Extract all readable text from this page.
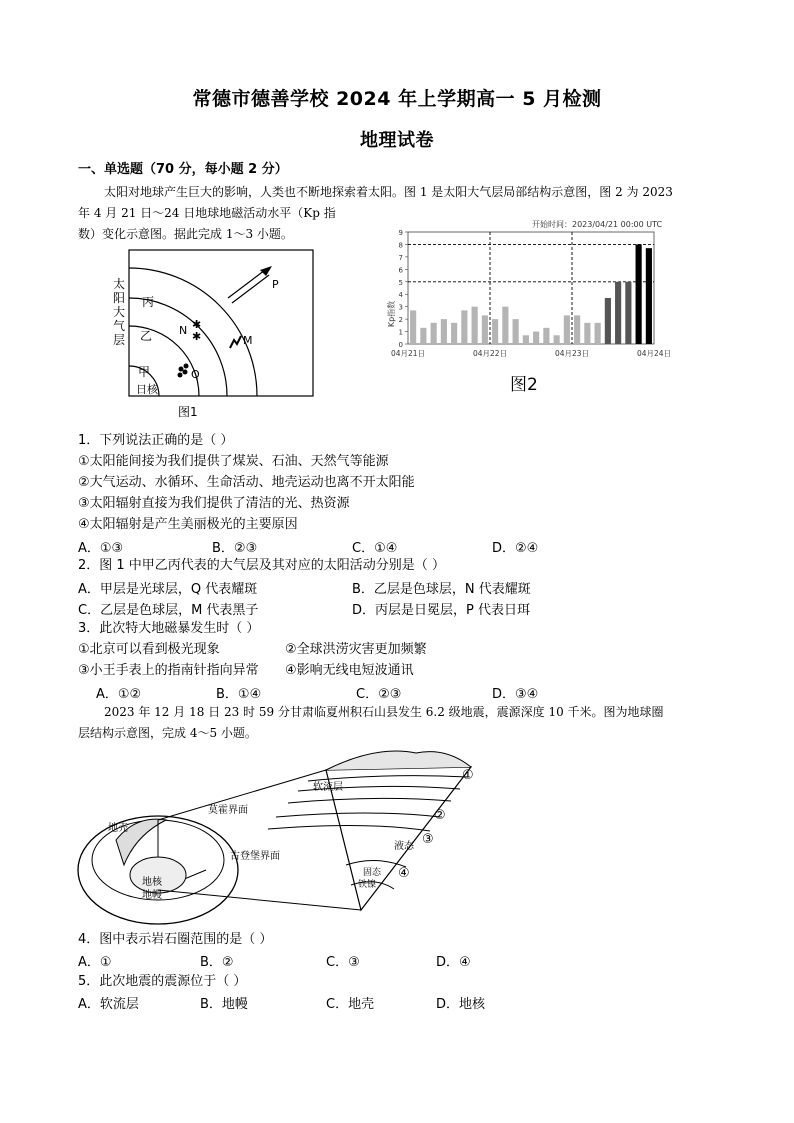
常德市德善学校 2024 年上学期高一 5 月检测
地理试卷
一、单选题（70 分，每小题 2 分）
太阳对地球产生巨大的影响，人类也不断地探索着太阳。图 1 是太阳大气层局部结构示意图，图 2 为 2023
年 4 月 21 日～24 日地球地磁活动水平（Kp 指
数）变化示意图。据此完成 1～3 小题。
✱
✱
丙
乙
甲
日核
P
N
M
Q
太
阳
大
气
层
图1
开始时间：2023/04/21 00:00 UTC
Kp指数
0
1
2
3
4
5
6
7
8
9
04月21日	04月22日	04月23日	04月24日
图2
1．下列说法正确的是（ ）
①太阳能间接为我们提供了煤炭、石油、天然气等能源
②大气运动、水循环、生命活动、地壳运动也离不开太阳能
③太阳辐射直接为我们提供了清洁的光、热资源
④太阳辐射是产生美丽极光的主要原因
A．①③	B．②③	C．①④	D．②④
2．图 1 中甲乙丙代表的大气层及其对应的太阳活动分别是（ ）
A．甲层是光球层，Q 代表耀斑	B．乙层是色球层，N 代表耀斑
C．乙层是色球层，M 代表黑子	D．丙层是日冕层，P 代表日珥
3．此次特大地磁暴发生时（ ）
①北京可以看到极光现象	②全球洪涝灾害更加频繁
③小王手表上的指南针指向异常 ④影响无线电短波通讯
A．①②	B．①④	C．②③	D．③④
2023 年 12 月 18 日 23 时 59 分甘肃临夏州积石山县发生 6.2 级地震，震源深度 10 千米。图为地球圈
层结构示意图，完成 4～5 小题。
软流层
莫霍界面
古登堡界面
地壳
地核
地幔
液态
固态
铁镍
①
②
③
④
4．图中表示岩石圈范围的是（ ）
A．①	B．②	C．③	D．④
5．此次地震的震源位于（ ）
A．软流层	B．地幔	C．地壳	D．地核
